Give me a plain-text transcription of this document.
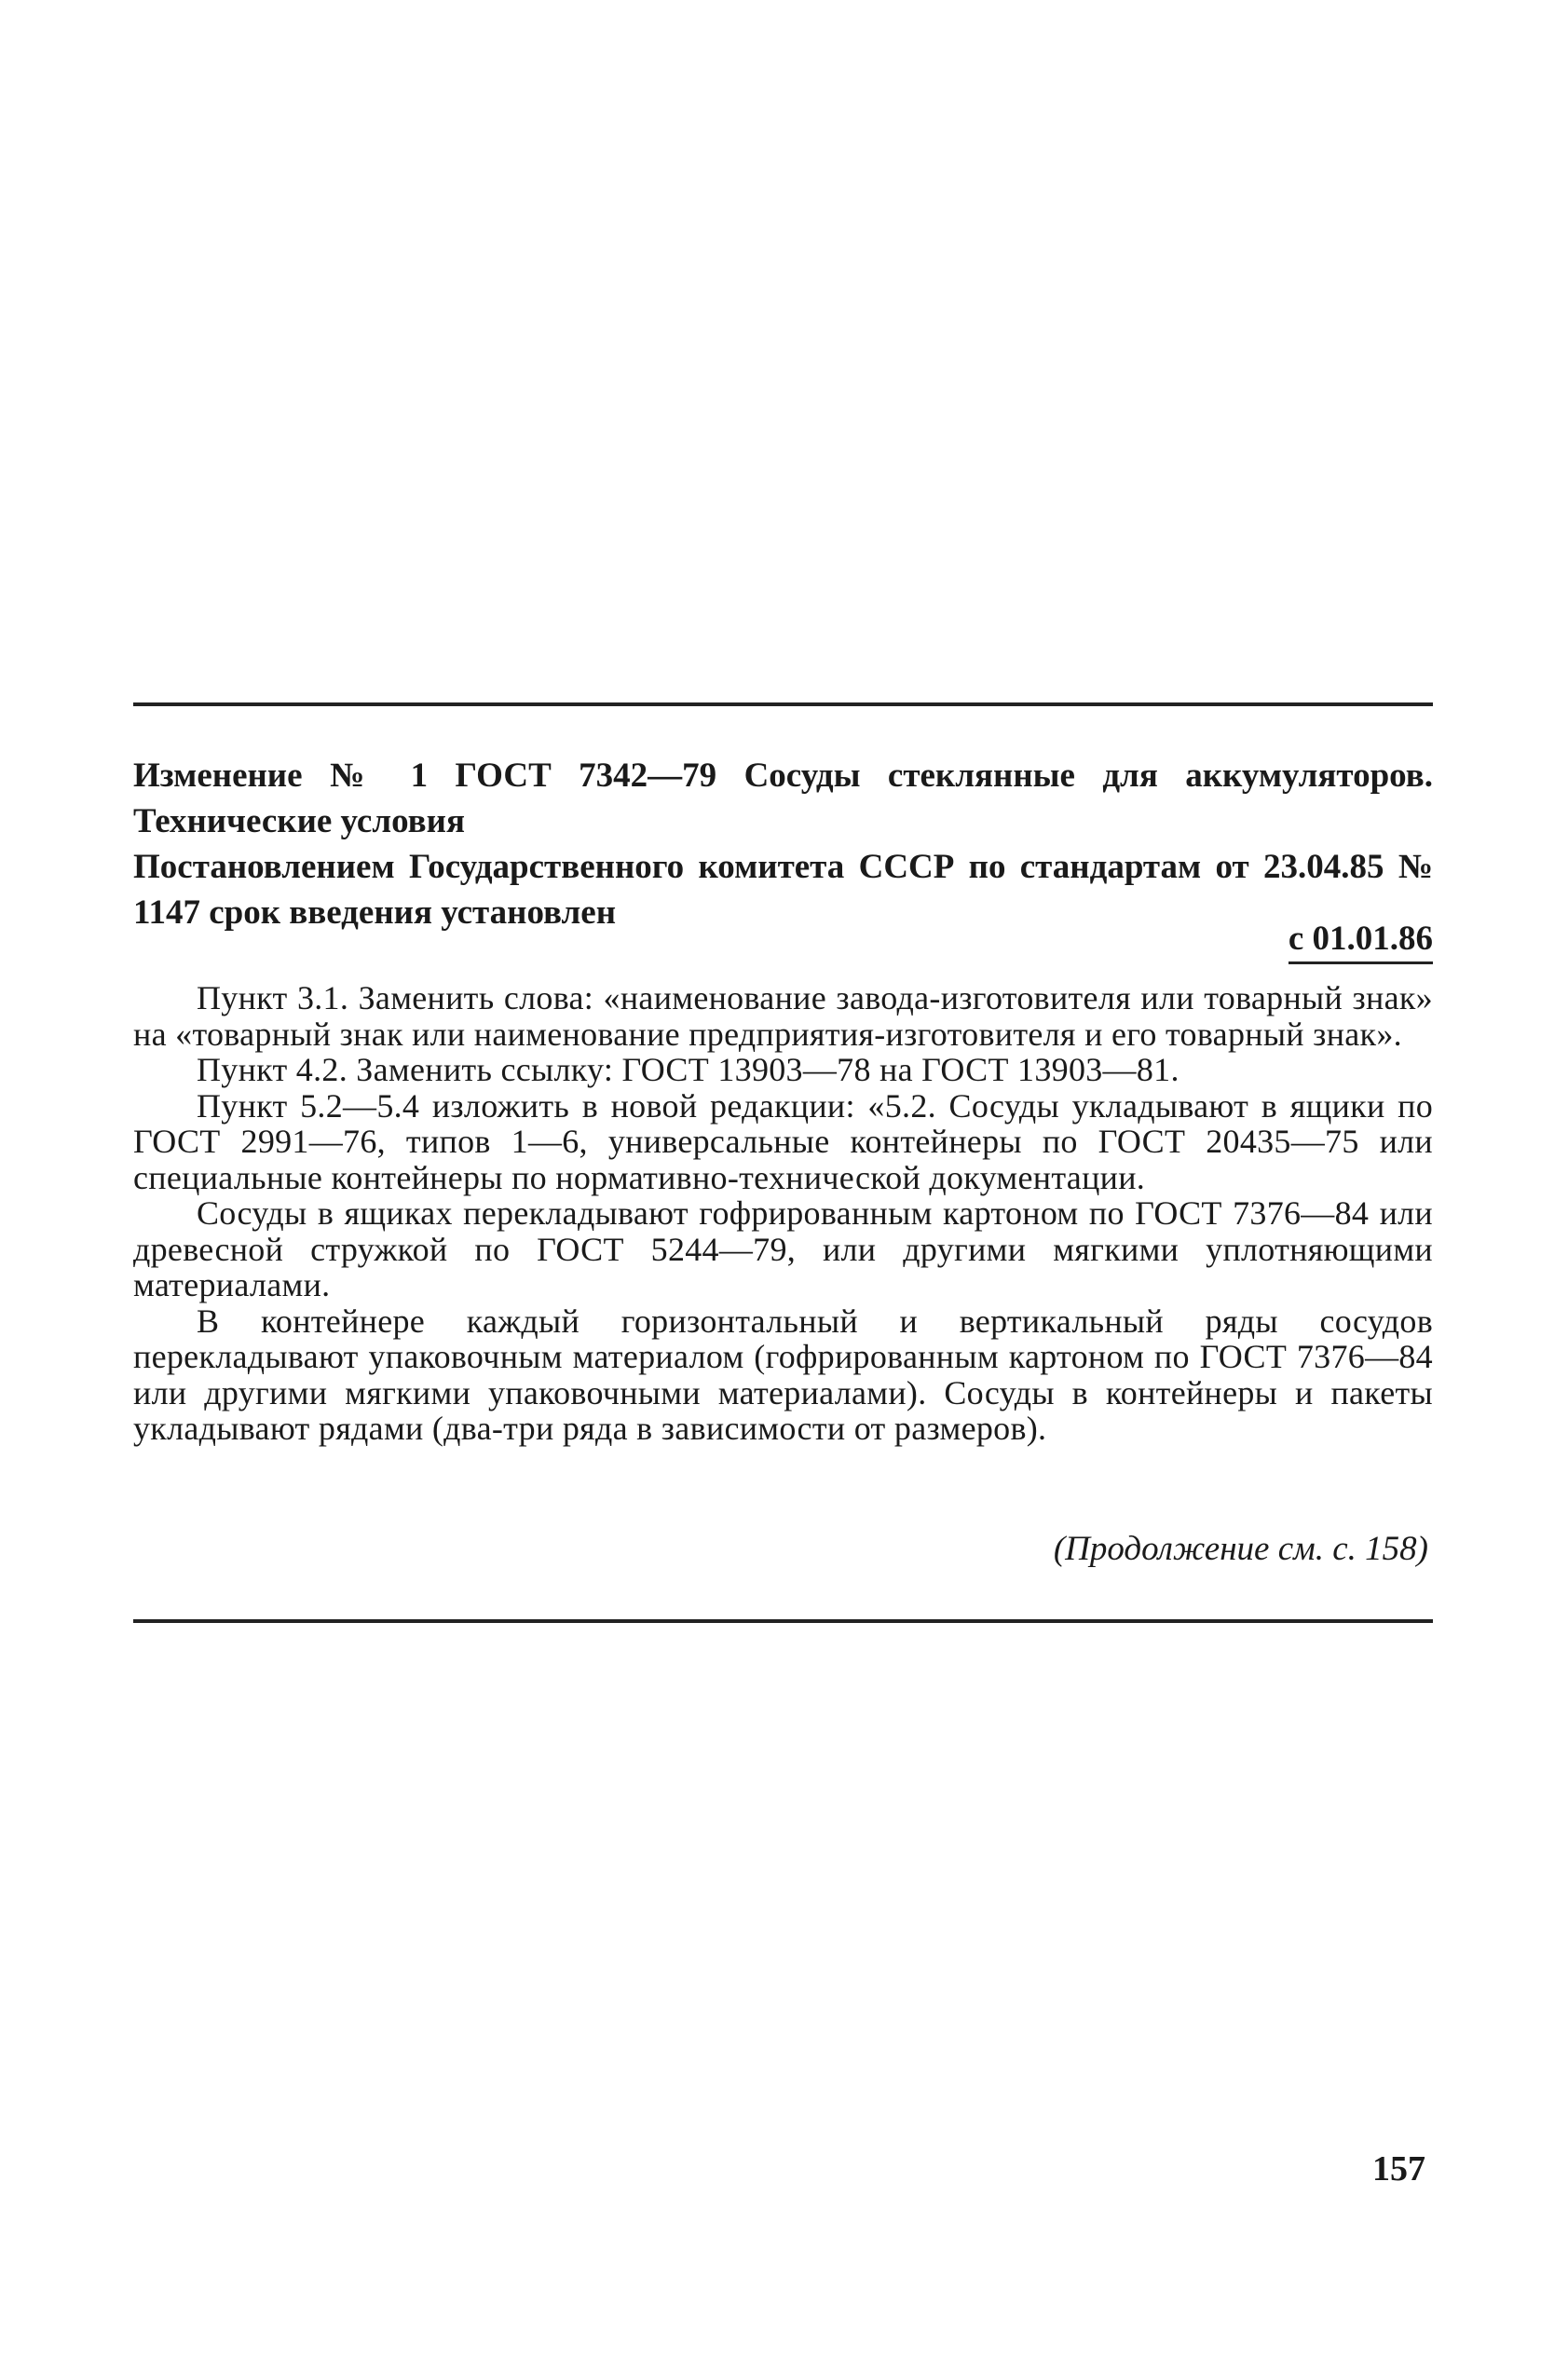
Изменение № 1 ГОСТ 7342—79 Сосуды стеклянные для аккумуляторов. Технические условия
Постановлением Государственного комитета СССР по стандартам от 23.04.85 № 1147 срок введения установлен
с 01.01.86

Пункт 3.1. Заменить слова: «наименование завода-изготовителя или товарный знак» на «товарный знак или наименование предприятия-изготовителя и его товарный знак».

Пункт 4.2. Заменить ссылку: ГОСТ 13903—78 на ГОСТ 13903—81.

Пункт 5.2—5.4 изложить в новой редакции: «5.2. Сосуды укладывают в ящики по ГОСТ 2991—76, типов 1—6, универсальные контейнеры по ГОСТ 20435—75 или специальные контейнеры по нормативно-технической документации.

Сосуды в ящиках перекладывают гофрированным картоном по ГОСТ 7376—84 или древесной стружкой по ГОСТ 5244—79, или другими мягкими уплотняющими материалами.

В контейнере каждый горизонтальный и вертикальный ряды сосудов перекладывают упаковочным материалом (гофрированным картоном по ГОСТ 7376—84 или другими мягкими упаковочными материалами). Сосуды в контейнеры и пакеты укладывают рядами (два-три ряда в зависимости от размеров).

(Продолжение см. с. 158)
157
